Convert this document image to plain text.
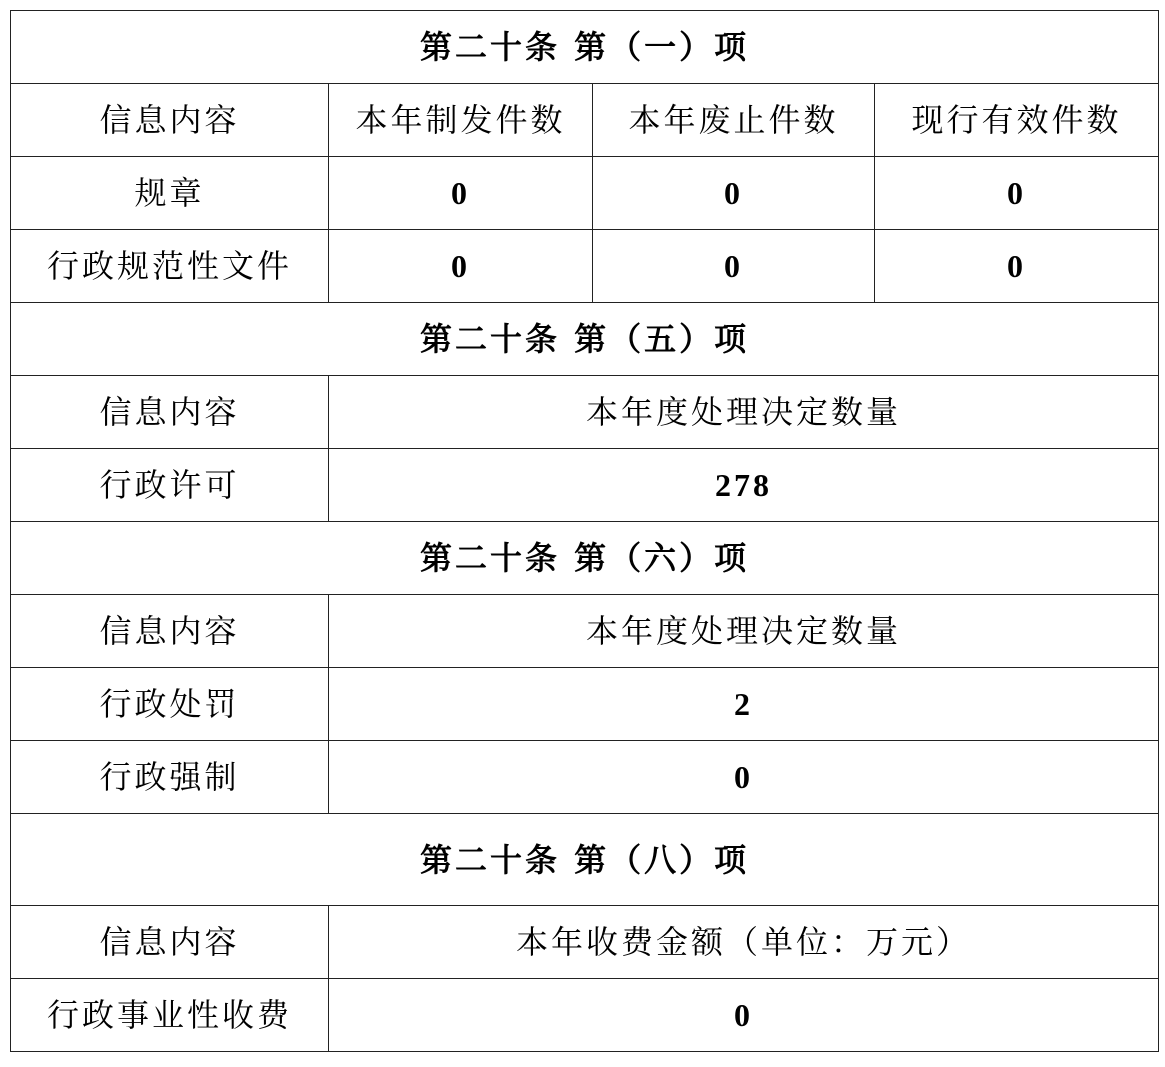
第二十条 第（一）项			
信息内容	本年制发件数	本年废止件数	现行有效件数
规章	0	0	0
行政规范性文件	0	0	0
第二十条 第（五）项			
信息内容	本年度处理决定数量		
行政许可	278		
第二十条 第（六）项			
信息内容	本年度处理决定数量		
行政处罚	2		
行政强制	0		
第二十条 第（八）项			
信息内容	本年收费金额（单位：万元）		
行政事业性收费	0		
